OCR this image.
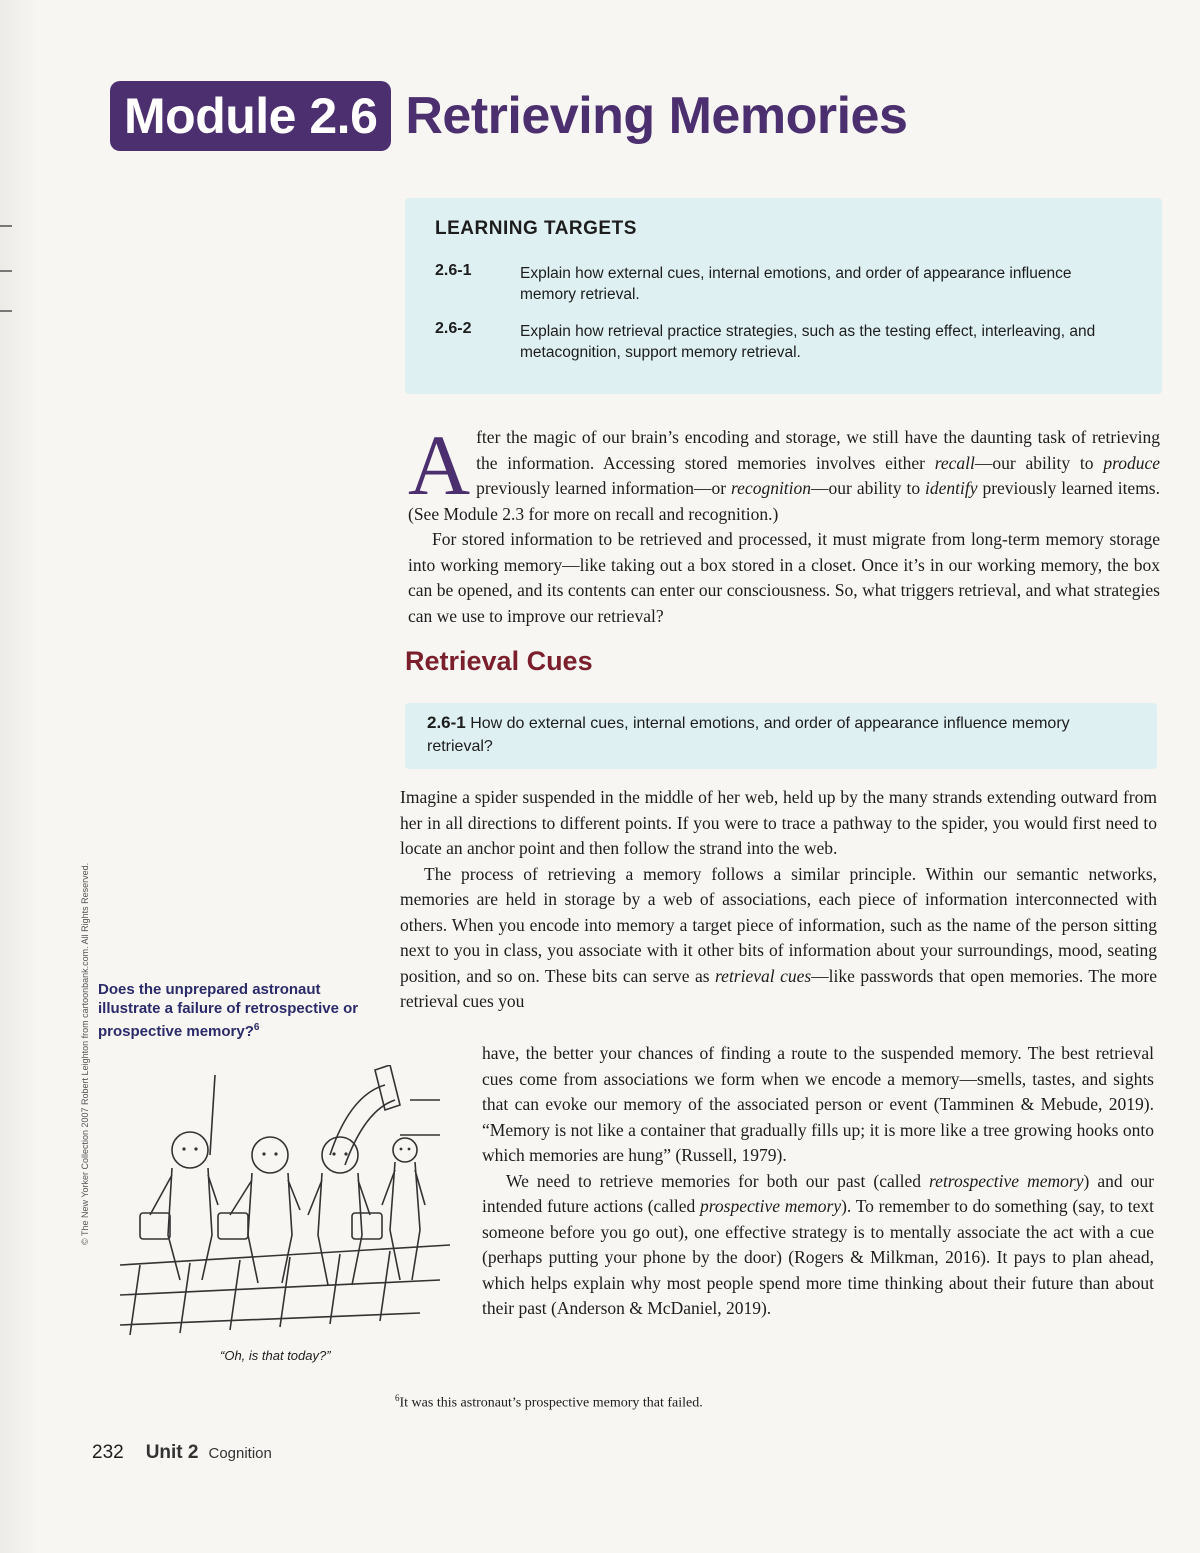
Module 2.6 Retrieving Memories
LEARNING TARGETS
2.6-1	Explain how external cues, internal emotions, and order of appearance influence memory retrieval.
2.6-2	Explain how retrieval practice strategies, such as the testing effect, interleaving, and metacognition, support memory retrieval.

After the magic of our brain’s encoding and storage, we still have the daunting task of retrieving the information. Accessing stored memories involves either recall—our ability to produce previously learned information—or recognition—our ability to identify previously learned items. (See Module 2.3 for more on recall and recognition.)

For stored information to be retrieved and processed, it must migrate from long-term memory storage into working memory—like taking out a box stored in a closet. Once it’s in our working memory, the box can be opened, and its contents can enter our consciousness. So, what triggers retrieval, and what strategies can we use to improve our retrieval?

Retrieval Cues
2.6-1 How do external cues, internal emotions, and order of appearance influence memory retrieval?

Imagine a spider suspended in the middle of her web, held up by the many strands extending outward from her in all directions to different points. If you were to trace a pathway to the spider, you would first need to locate an anchor point and then follow the strand into the web.

The process of retrieving a memory follows a similar principle. Within our semantic networks, memories are held in storage by a web of associations, each piece of information interconnected with others. When you encode into memory a target piece of information, such as the name of the person sitting next to you in class, you associate with it other bits of information about your surroundings, mood, seating position, and so on. These bits can serve as retrieval cues—like passwords that open memories. The more retrieval cues you

have, the better your chances of finding a route to the suspended memory. The best retrieval cues come from associations we form when we encode a memory—smells, tastes, and sights that can evoke our memory of the associated person or event (Tamminen & Mebude, 2019). “Memory is not like a container that gradually fills up; it is more like a tree growing hooks onto which memories are hung” (Russell, 1979).

We need to retrieve memories for both our past (called retrospective memory) and our intended future actions (called prospective memory). To remember to do something (say, to text someone before you go out), one effective strategy is to mentally associate the act with a cue (perhaps putting your phone by the door) (Rogers & Milkman, 2016). It pays to plan ahead, which helps explain why most people spend more time thinking about their future than about their past (Anderson & McDaniel, 2019).

Does the unprepared astronaut illustrate a failure of retrospective or prospective memory?$^6$
© The New Yorker Collection 2007 Robert Leighton from cartoonbank.com. All Rights Reserved.
“Oh, is that today?”
$^6$It was this astronaut’s prospective memory that failed.
232 Unit 2 Cognition
